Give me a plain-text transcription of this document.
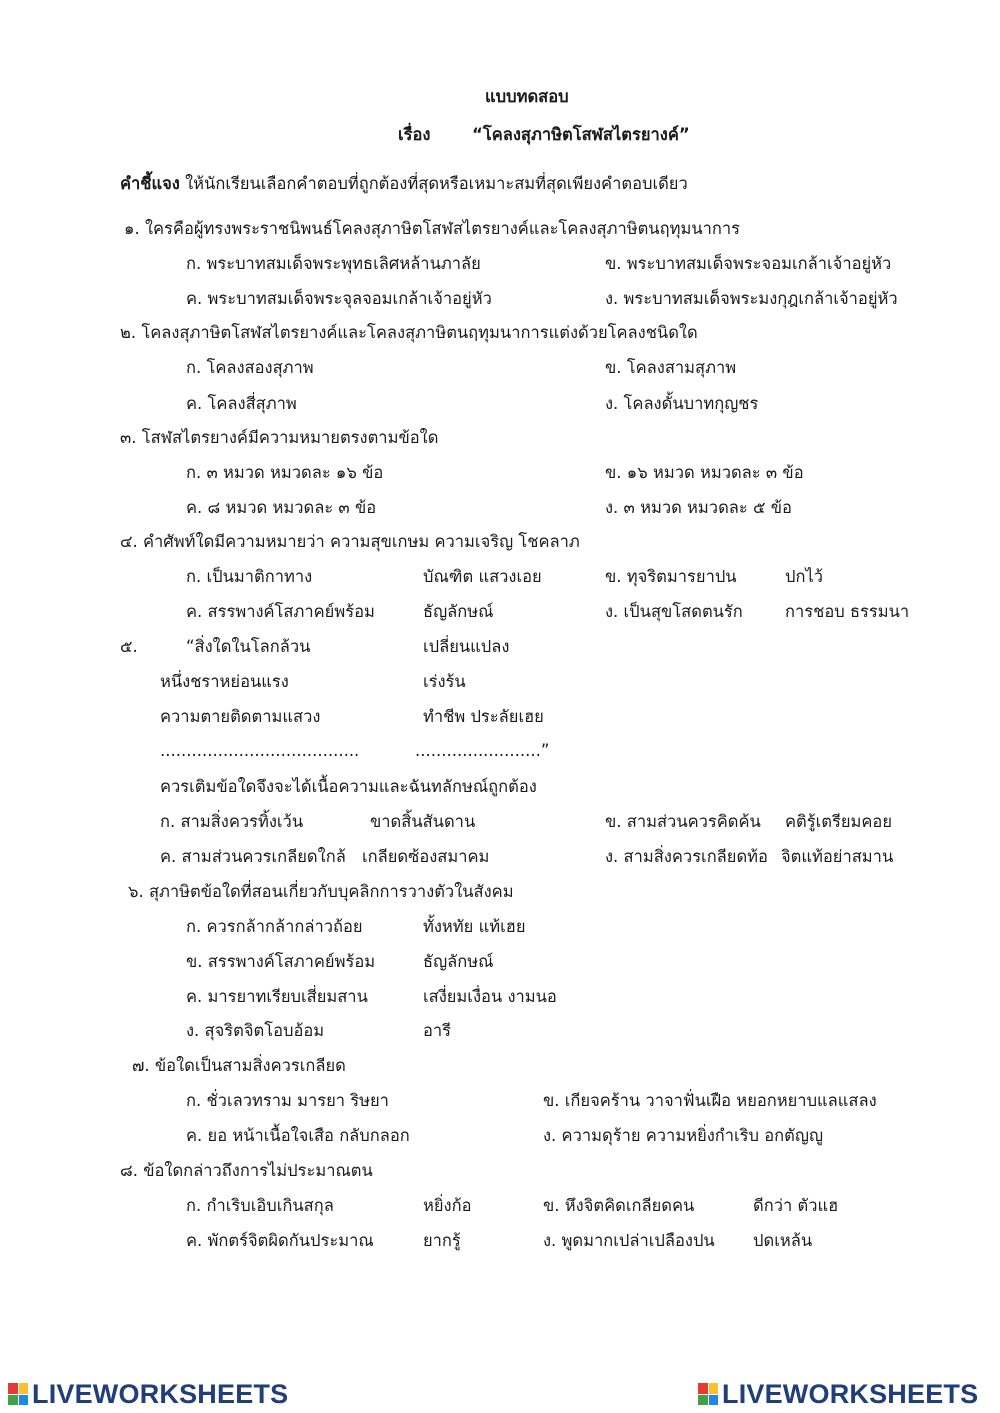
แบบทดสอบ
เรื่อง	“โคลงสุภาษิตโสฬสไตรยางค์”
คำชี้แจง ให้นักเรียนเลือกคำตอบที่ถูกต้องที่สุดหรือเหมาะสมที่สุดเพียงคำตอบเดียว
๑. ใครคือผู้ทรงพระราชนิพนธ์โคลงสุภาษิตโสฬสไตรยางค์และโคลงสุภาษิตนฤทุมนาการ
ก. พระบาทสมเด็จพระพุทธเลิศหล้านภาลัย	ข. พระบาทสมเด็จพระจอมเกล้าเจ้าอยู่หัว
ค. พระบาทสมเด็จพระจุลจอมเกล้าเจ้าอยู่หัว	ง. พระบาทสมเด็จพระมงกุฎเกล้าเจ้าอยู่หัว
๒. โคลงสุภาษิตโสฬสไตรยางค์และโคลงสุภาษิตนฤทุมนาการแต่งด้วยโคลงชนิดใด
ก. โคลงสองสุภาพ	ข. โคลงสามสุภาพ
ค. โคลงสี่สุภาพ	ง. โคลงดั้นบาทกุญชร
๓. โสฬสไตรยางค์มีความหมายตรงตามข้อใด
ก. ๓ หมวด หมวดละ ๑๖ ข้อ	ข. ๑๖ หมวด หมวดละ ๓ ข้อ
ค. ๘ หมวด หมวดละ ๓ ข้อ	ง. ๓ หมวด หมวดละ ๕ ข้อ
๔. คำศัพท์ใดมีความหมายว่า ความสุขเกษม ความเจริญ โชคลาภ
ก. เป็นมาติกาทาง	บัณฑิต แสวงเอย	ข. ทุจริตมารยาปน	ปกไว้
ค. สรรพางค์โสภาคย์พร้อม	ธัญลักษณ์	ง. เป็นสุขโสดตนรัก	การชอบ ธรรมนา
๕.	“สิ่งใดในโลกล้วน	เปลี่ยนแปลง
หนึ่งชราหย่อนแรง	เร่งร้น
ความตายติดตามแสวง	ทำชีพ ประลัยเฮย
......................................	........................”
ควรเติมข้อใดจึงจะได้เนื้อความและฉันทลักษณ์ถูกต้อง
ก. สามสิ่งควรทิ้งเว้น	ขาดสิ้นสันดาน	ข. สามส่วนควรคิดค้น คติรู้เตรียมคอย
ค. สามส่วนควรเกลียดใกล้ เกลียดซ้องสมาคม	ง. สามสิ่งควรเกลียดท้อ จิตแท้อย่าสมาน
๖. สุภาษิตข้อใดที่สอนเกี่ยวกับบุคลิกการวางตัวในสังคม
ก. ควรกล้ากล้ากล่าวถ้อย	ทั้งหทัย แท้เฮย
ข. สรรพางค์โสภาคย์พร้อม	ธัญลักษณ์
ค. มารยาทเรียบเสี่ยมสาน	เสงี่ยมเงื่อน งามนอ
ง. สุจริตจิตโอบอ้อม	อารี
๗. ข้อใดเป็นสามสิ่งควรเกลียด
ก. ชั่วเลวทราม มารยา ริษยา	ข. เกียจคร้าน วาจาฟั่นเฝือ หยอกหยาบแลแสลง
ค. ยอ หน้าเนื้อใจเสือ กลับกลอก	ง. ความดุร้าย ความหยิ่งกำเริบ อกตัญญู
๘. ข้อใดกล่าวถึงการไม่ประมาณตน
ก. กำเริบเอิบเกินสกุล	หยิ่งก้อ	ข. หึงจิตคิดเกลียดคน	ดีกว่า ตัวแฮ
ค. พักตร์จิตผิดกันประมาณ	ยากรู้	ง. พูดมากเปล่าเปลืองปน ปดเหล้น
LIVEWORKSHEETS	LIVEWORKSHEETS
